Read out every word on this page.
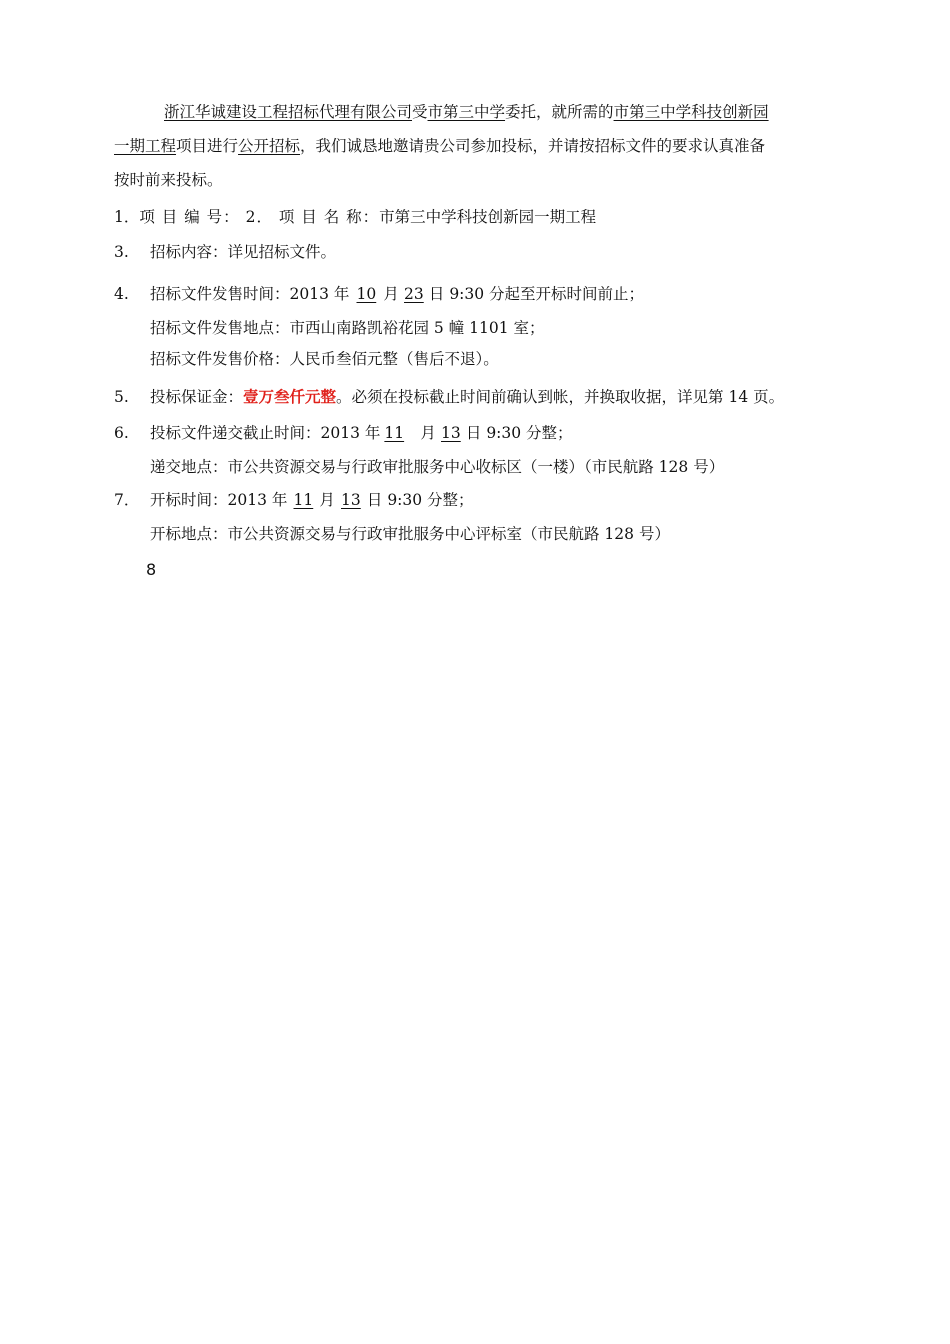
浙江华诚建设工程招标代理有限公司受市第三中学委托，就所需的市第三中学科技创新园
一期工程项目进行公开招标，我们诚恳地邀请贵公司参加投标，并请按招标文件的要求认真准备
按时前来投标。
1．项 目 编 号： 2． 项 目 名 称：市第三中学科技创新园一期工程
3. 招标内容：详见招标文件。
4. 招标文件发售时间：2013 年 10 月 23 日 9:30 分起至开标时间前止；
招标文件发售地点：市西山南路凯裕花园 5 幢 1101 室；
招标文件发售价格：人民币叁佰元整（售后不退）。
5. 投标保证金：壹万叁仟元整。必须在投标截止时间前确认到帐，并换取收据，详见第 14 页。
6. 投标文件递交截止时间：2013 年 11 月 13 日 9:30 分整；
递交地点：市公共资源交易与行政审批服务中心收标区（一楼）（市民航路 128 号）
7． 开标时间：2013 年 11 月 13 日 9:30 分整；
开标地点：市公共资源交易与行政审批服务中心评标室（市民航路 128 号）
8
